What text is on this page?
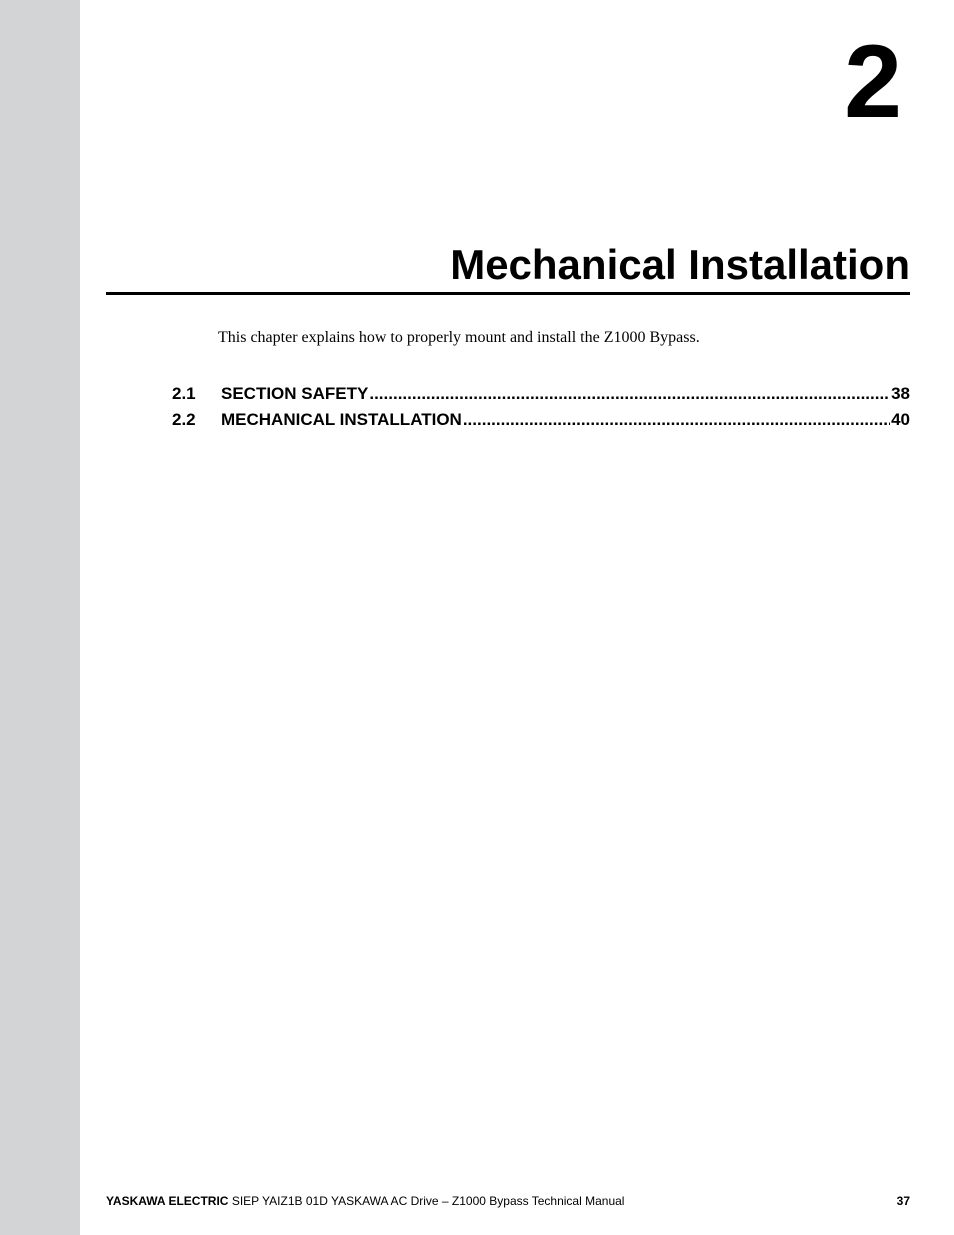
2
Mechanical Installation
This chapter explains how to properly mount and install the Z1000 Bypass.
2.1	SECTION SAFETY .....	38
2.2	MECHANICAL INSTALLATION .....	40
YASKAWA ELECTRIC SIEP YAIZ1B 01D YASKAWA AC Drive – Z1000 Bypass Technical Manual	37
